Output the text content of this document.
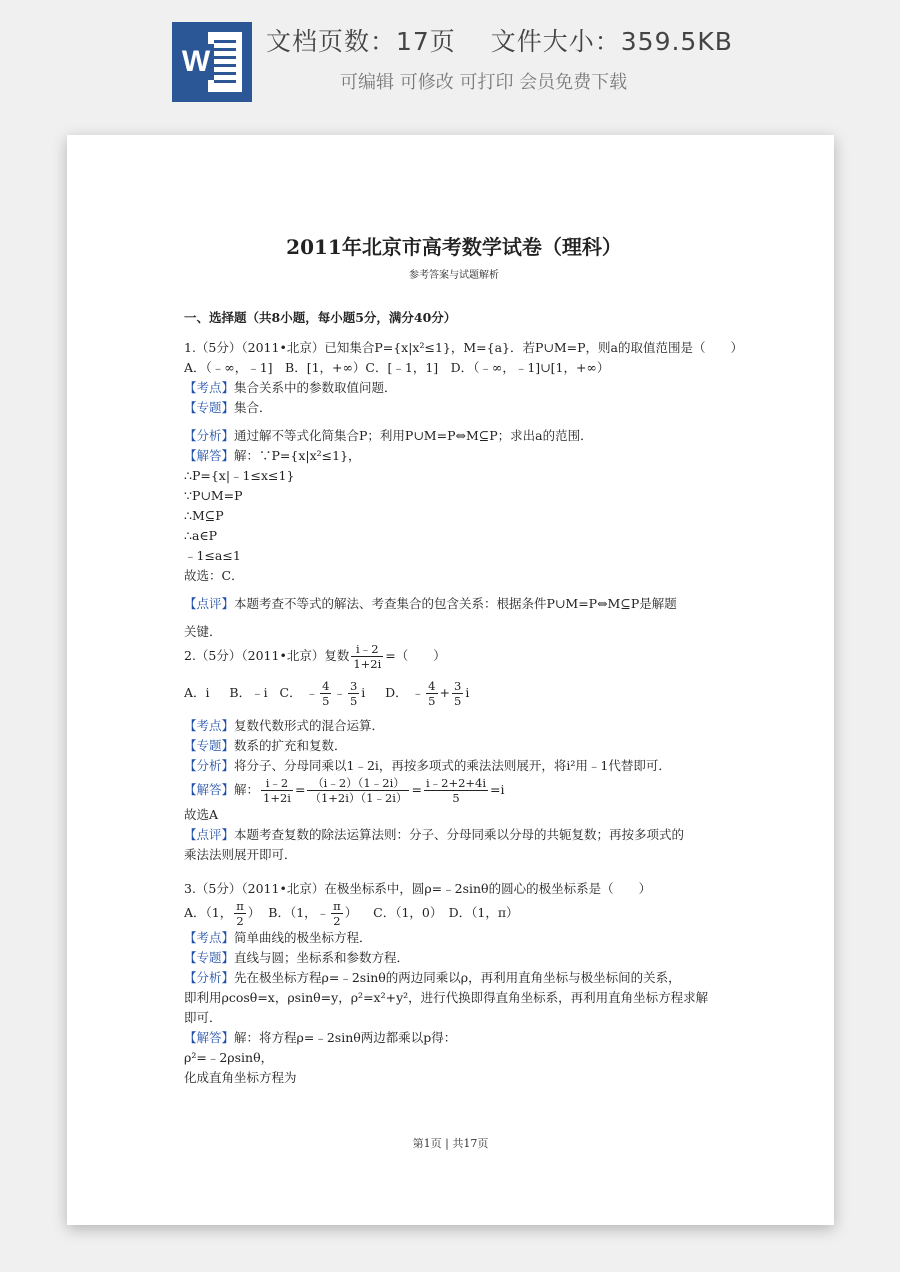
W
文档页数：17页　 文件大小：359.5KB
可编辑 可修改 可打印 会员免费下载
2011年北京市高考数学试卷（理科）
参考答案与试题解析
一、选择题（共8小题，每小题5分，满分40分）

1.（5分）（2011•北京）已知集合P={x|x²≤1}，M={a}．若P∪M=P，则a的取值范围是（　　）

A．（﹣∞，﹣1]　B．[1，+∞）C．[﹣1，1]　D．（﹣∞，﹣1]∪[1，+∞）

【考点】集合关系中的参数取值问题．

【专题】集合．

【分析】通过解不等式化简集合P；利用P∪M=P⇔M⊆P；求出a的范围．

【解答】解：∵P={x|x²≤1}，

∴P={x|﹣1≤x≤1}

∵P∪M=P

∴M⊆P

∴a∈P

﹣1≤a≤1

故选：C．

【点评】本题考查不等式的解法、考查集合的包含关系：根据条件P∪M=P⇔M⊆P是解题

关键．

2.（5分）（2011•北京）复数 $\frac{i﹣2}{1+2i}$ =（　　）

A．i B．﹣i C． ﹣ $\frac{4}{5}$ ﹣ $\frac{3}{5}$ i D． ﹣ $\frac{4}{5} + \frac{3}{5}$ i

【考点】复数代数形式的混合运算．

【专题】数系的扩充和复数．

【分析】将分子、分母同乘以1﹣2i，再按多项式的乘法法则展开，将i²用﹣1代替即可．

【解答】解： $\frac{i﹣2}{1+2i} = \frac{(i﹣2)(1﹣2i)}{(1+2i)(1﹣2i)} = \frac{i﹣2+2+4i}{5} =i$

故选A

【点评】本题考查复数的除法运算法则：分子、分母同乘以分母的共轭复数；再按多项式的

乘法法则展开即可．

3.（5分）（2011•北京）在极坐标系中，圆ρ=﹣2sinθ的圆心的极坐标系是（　　）

A．（1， $\frac{\pi}{2}$ ） B．（1，﹣ $\frac{\pi}{2}$ ） C．（1，0）　D．（1，π）

【考点】简单曲线的极坐标方程．

【专题】直线与圆；坐标系和参数方程．

【分析】先在极坐标方程ρ=﹣2sinθ的两边同乘以ρ，再利用直角坐标与极坐标间的关系，

即利用ρcosθ=x，ρsinθ=y，ρ²=x²+y²，进行代换即得直角坐标系，再利用直角坐标方程求解

即可．

【解答】解：将方程ρ=﹣2sinθ两边都乘以p得：

ρ²=﹣2ρsinθ，

化成直角坐标方程为

第1页 | 共17页
